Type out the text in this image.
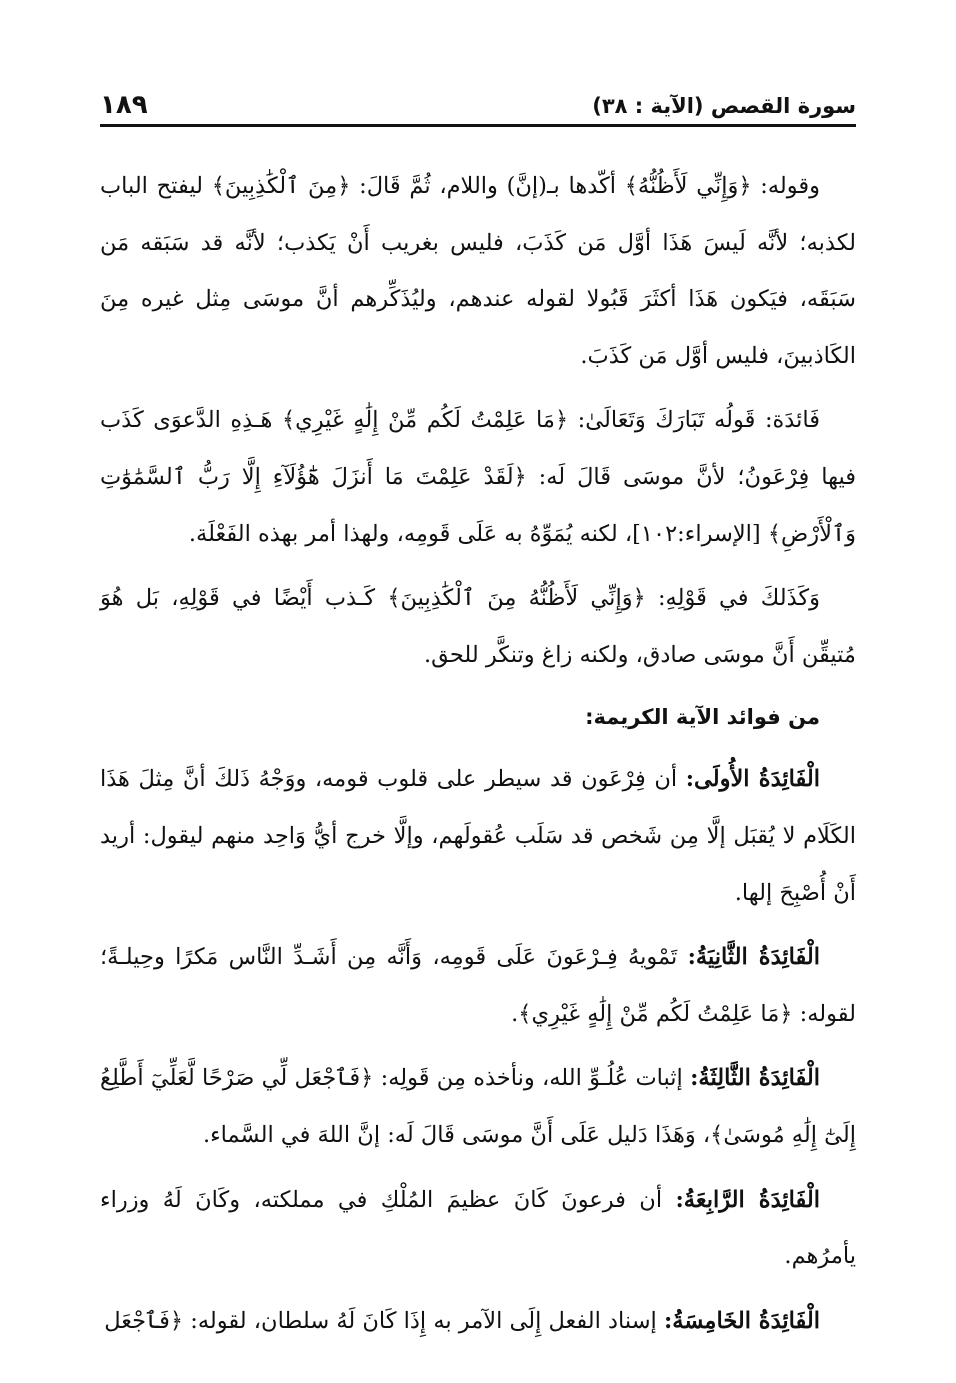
سورة القصص (الآية : ٣٨)
١٨٩

وقوله: ﴿وَإِنِّي لَأَظُنُّهُ﴾ أكّدها بـ(إنَّ) واللام، ثُمَّ قَالَ: ﴿مِنَ ٱلْكَٰذِبِينَ﴾ ليفتح الباب لكذبه؛ لأنَّه لَيسَ هَذَا أوَّل مَن كَذَبَ، فليس بغريب أَنْ يَكذب؛ لأنَّه قد سَبَقه مَن سَبَقَه، فيَكون هَذَا أكثَرَ قَبُولا لقوله عندهم، وليُذَكِّرهم أنَّ موسَى مِثل غيره مِنَ الكَاذبينَ، فليس أوَّل مَن كَذَبَ.

فَائدَة: قَولُه تَبَارَكَ وَتَعَالَىٰ: ﴿مَا عَلِمْتُ لَكُم مِّنْ إِلَٰهٍ غَيْرِي﴾ هَـذِهِ الدَّعوَى كَذَب فيها فِرْعَونُ؛ لأنَّ موسَى قَالَ لَه: ﴿لَقَدْ عَلِمْتَ مَا أَنزَلَ هَٰٓؤُلَآءِ إِلَّا رَبُّ ٱلسَّمَٰوَٰتِ وَٱلْأَرْضِ﴾ [الإسراء:١٠٢]، لكنه يُمَوِّهُ به عَلَى قَومِه، ولهذا أمر بهذه الفَعْلَة.

وَكَذَلكَ في قَوْلِهِ: ﴿وَإِنِّي لَأَظُنُّهُ مِنَ ٱلْكَٰذِبِينَ﴾ كَـذب أَيْضًا في قَوْلِهِ، بَل هُوَ مُتيقِّن أَنَّ موسَى صادق، ولكنه زاغ وتنكَّر للحق.

من فوائد الآية الكريمة:

الْفَائِدَةُ الأُولَى: أن فِرْعَون قد سيطر على قلوب قومه، ووَجْهُ ذَلكَ أنَّ مِثلَ هَذَا الكَلَام لا يُقبَل إلَّا مِن شَخص قد سَلَب عُقولَهم، وإلَّا خرج أيُّ وَاحِد منهم ليقول: أريد أَنْ أُصْبِحَ إلها.

الْفَائِدَةُ الثَّانِيَةُ: تَمْويهُ فِـرْعَونَ عَلَى قَومِه، وَأَنَّه مِن أَشَـدِّ النَّاس مَكرًا وحِيلـةً؛ لقوله: ﴿مَا عَلِمْتُ لَكُم مِّنْ إِلَٰهٍ غَيْرِي﴾.

الْفَائِدَةُ الثَّالِثَةُ: إثبات عُلُـوِّ الله، ونأخذه مِن قَولِه: ﴿فَٱجْعَل لِّي صَرْحًا لَّعَلِّيٓ أَطَّلِعُ إِلَىٰٓ إِلَٰهِ مُوسَىٰ﴾، وَهَذَا دَليل عَلَى أَنَّ موسَى قَالَ لَه: إنَّ اللهَ في السَّماء.

الْفَائِدَةُ الرَّابِعَةُ: أن فرعونَ كَانَ عظيمَ المُلْكِ في مملكته، وكَانَ لَهُ وزراء يأمرُهم.

الْفَائِدَةُ الخَامِسَةُ: إسناد الفعل إِلَى الآمر به إِذَا كَانَ لَهُ سلطان، لقوله: ﴿فَٱجْعَل
